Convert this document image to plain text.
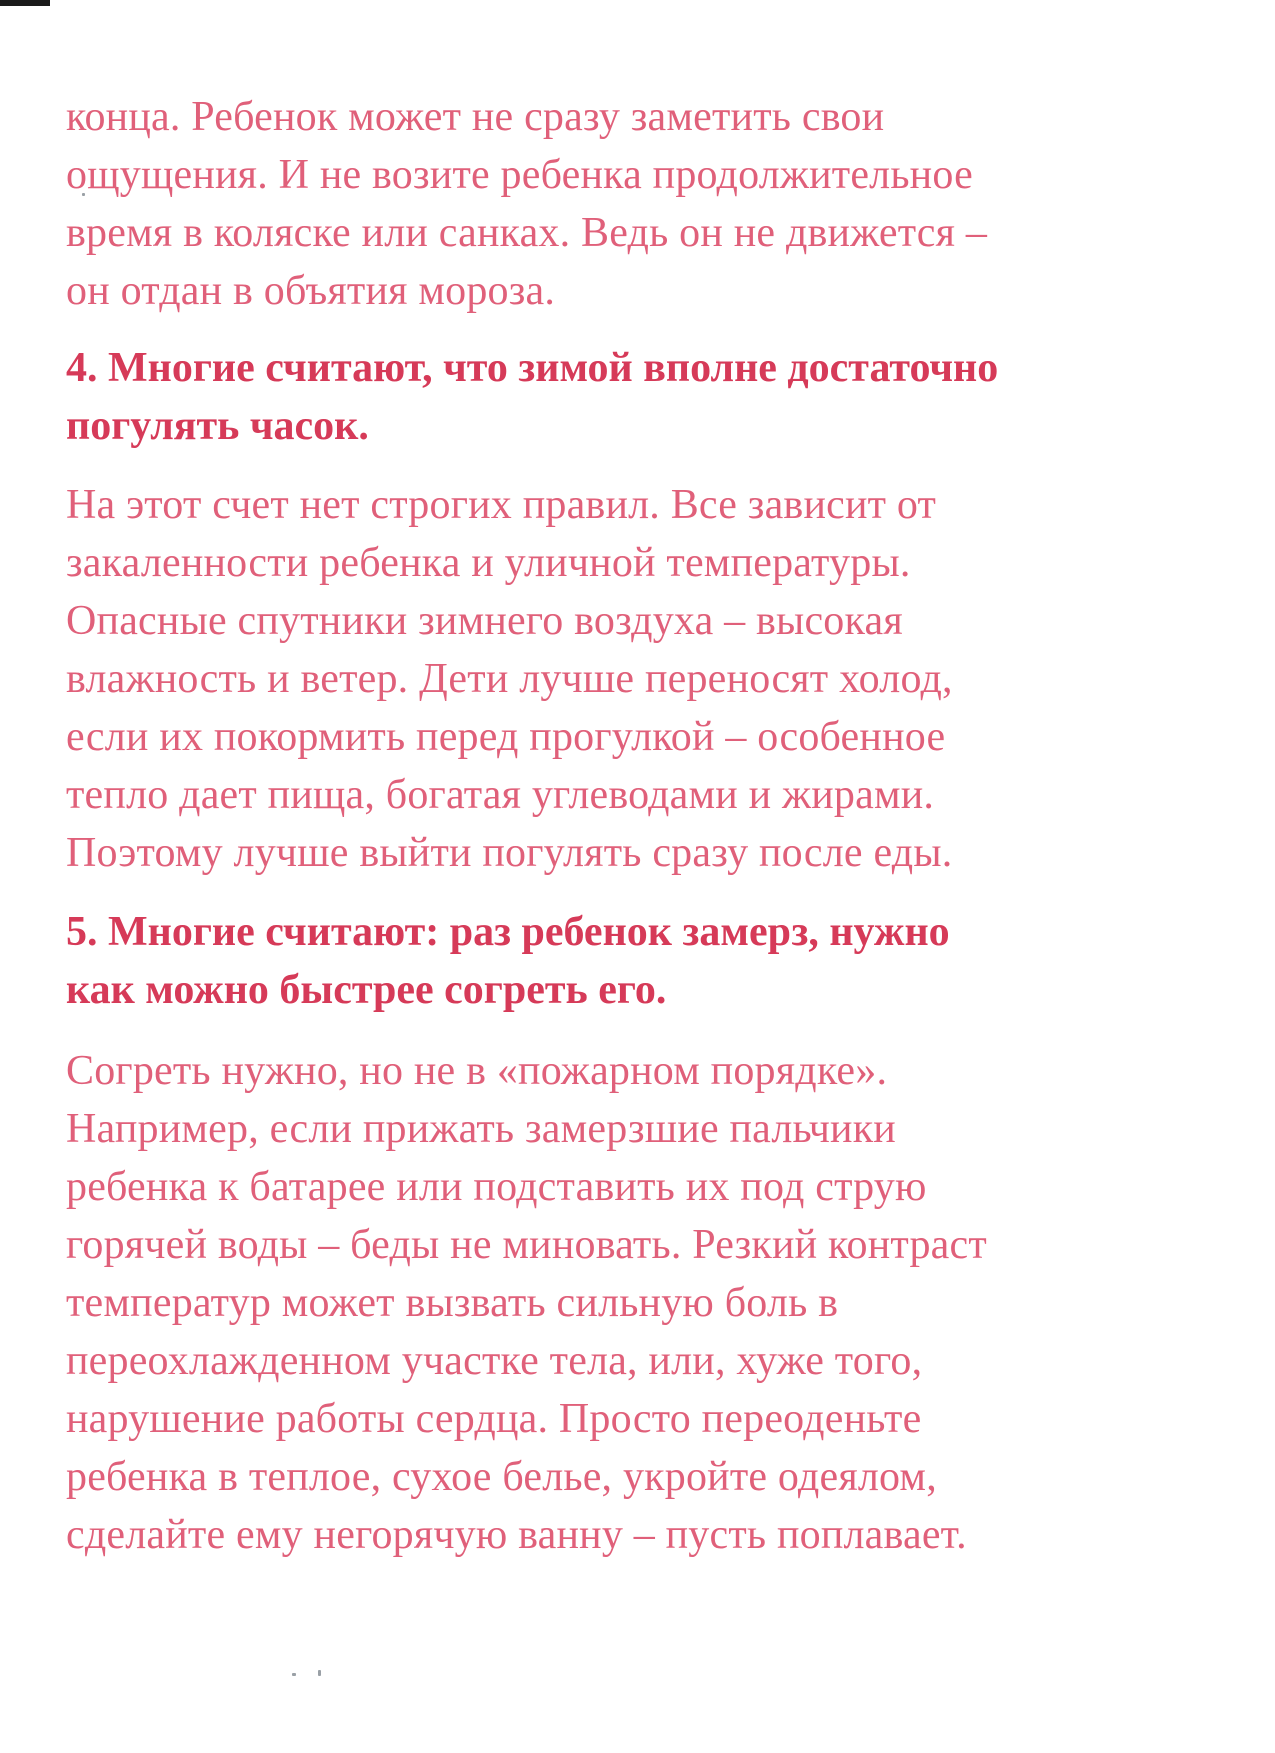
конца. Ребенок может не сразу заметить свои
ощущения. И не возите ребенка продолжительное
время в коляске или санках. Ведь он не движется –
он отдан в объятия мороза.

4. Многие считают, что зимой вполне достаточно
погулять часок.

На этот счет нет строгих правил. Все зависит от
закаленности ребенка и уличной температуры.
Опасные спутники зимнего воздуха – высокая
влажность и ветер. Дети лучше переносят холод,
если их покормить перед прогулкой – особенное
тепло дает пища, богатая углеводами и жирами.
Поэтому лучше выйти погулять сразу после еды.

5. Многие считают: раз ребенок замерз, нужно
как можно быстрее согреть его.

Согреть нужно, но не в «пожарном порядке».
Например, если прижать замерзшие пальчики
ребенка к батарее или подставить их под струю
горячей воды – беды не миновать. Резкий контраст
температур может вызвать сильную боль в
переохлажденном участке тела, или, хуже того,
нарушение работы сердца. Просто переоденьте
ребенка в теплое, сухое белье, укройте одеялом,
сделайте ему негорячую ванну – пусть поплавает.
